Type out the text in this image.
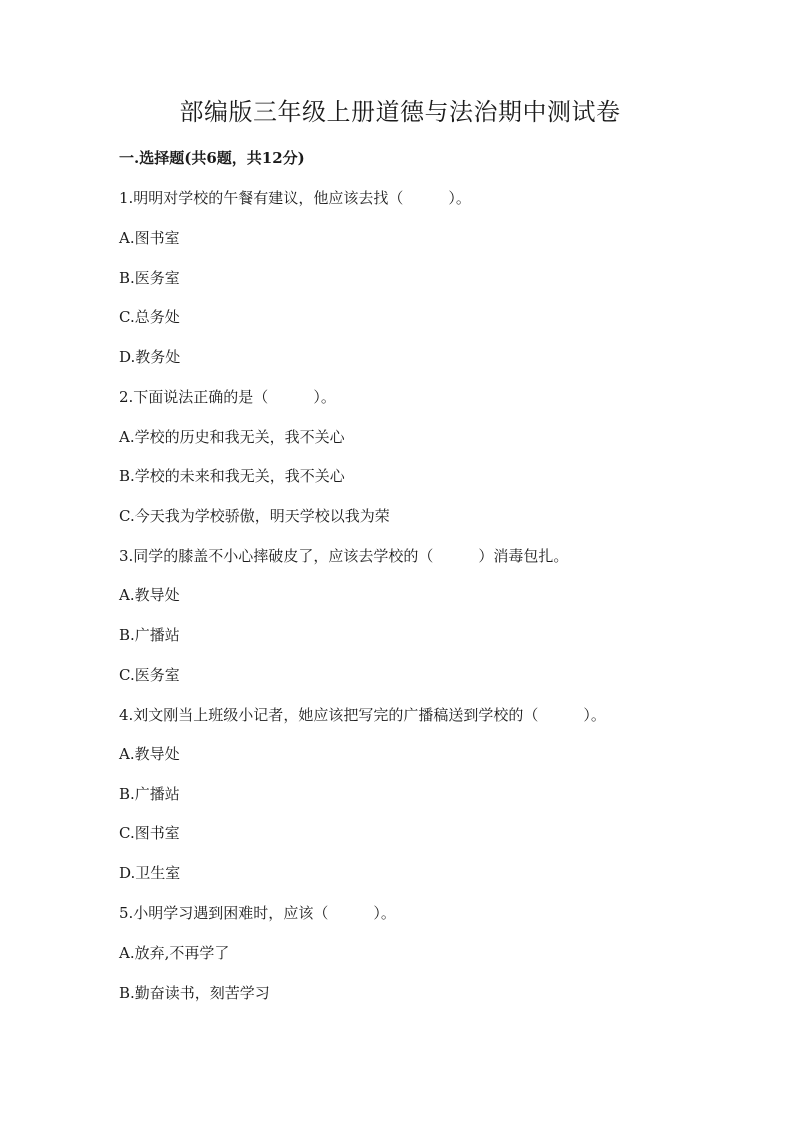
部编版三年级上册道德与法治期中测试卷
一.选择题(共6题，共12分)
1.明明对学校的午餐有建议，他应该去找（　　　）。
A.图书室
B.医务室
C.总务处
D.教务处
2.下面说法正确的是（　　　）。
A.学校的历史和我无关，我不关心
B.学校的未来和我无关，我不关心
C.今天我为学校骄傲，明天学校以我为荣
3.同学的膝盖不小心摔破皮了，应该去学校的（　　　）消毒包扎。
A.教导处
B.广播站
C.医务室
4.刘文刚当上班级小记者，她应该把写完的广播稿送到学校的（　　　）。
A.教导处
B.广播站
C.图书室
D.卫生室
5.小明学习遇到困难时，应该（　　　）。
A.放弃,不再学了
B.勤奋读书，刻苦学习
